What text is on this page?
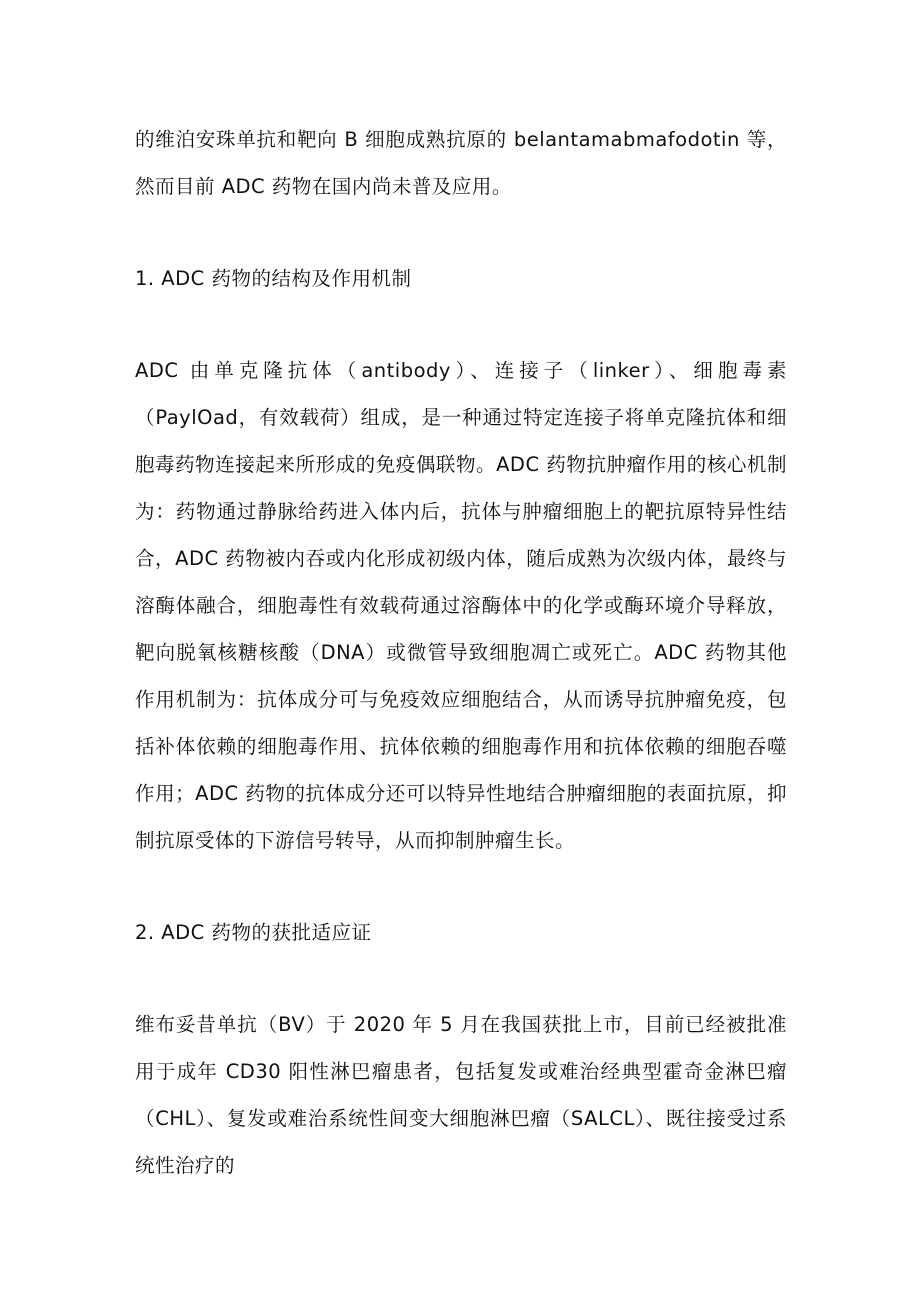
的维泊安珠单抗和靶向 B 细胞成熟抗原的 belantamabmafodotin 等，然而目前 ADC 药物在国内尚未普及应用。

1. ADC 药物的结构及作用机制

ADC 由单克隆抗体（antibody）、连接子（linker）、细胞毒素（PaylOad，有效载荷）组成，是一种通过特定连接子将单克隆抗体和细胞毒药物连接起来所形成的免疫偶联物。ADC 药物抗肿瘤作用的核心机制为：药物通过静脉给药进入体内后，抗体与肿瘤细胞上的靶抗原特异性结合，ADC 药物被内吞或内化形成初级内体，随后成熟为次级内体，最终与溶酶体融合，细胞毒性有效载荷通过溶酶体中的化学或酶环境介导释放，靶向脱氧核糖核酸（DNA）或微管导致细胞凋亡或死亡。ADC 药物其他作用机制为：抗体成分可与免疫效应细胞结合，从而诱导抗肿瘤免疫，包括补体依赖的细胞毒作用、抗体依赖的细胞毒作用和抗体依赖的细胞吞噬作用；ADC 药物的抗体成分还可以特异性地结合肿瘤细胞的表面抗原，抑制抗原受体的下游信号转导，从而抑制肿瘤生长。

2. ADC 药物的获批适应证

维布妥昔单抗（BV）于 2020 年 5 月在我国获批上市，目前已经被批准用于成年 CD30 阳性淋巴瘤患者，包括复发或难治经典型霍奇金淋巴瘤（CHL）、复发或难治系统性间变大细胞淋巴瘤（SALCL）、既往接受过系统性治疗的
